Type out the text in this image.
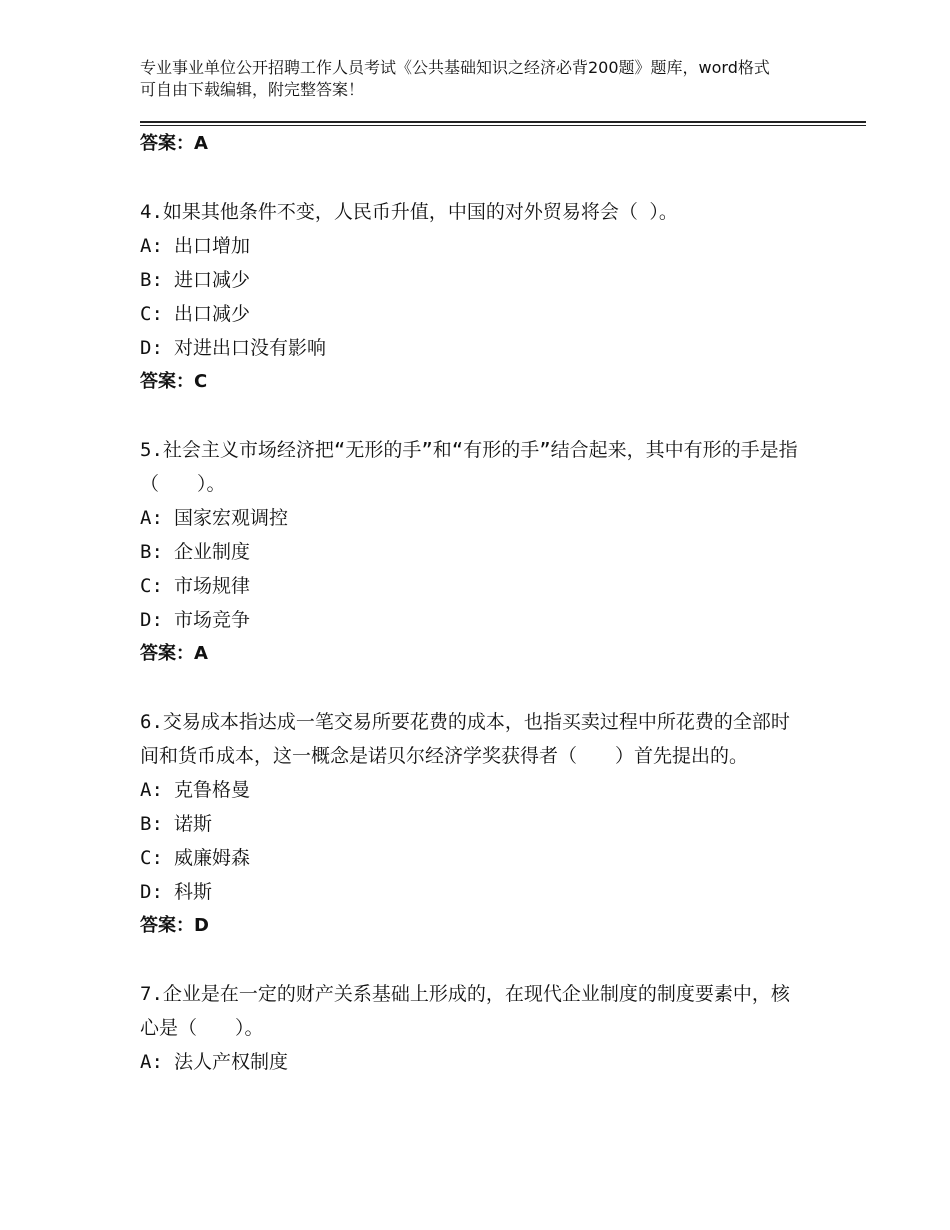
专业事业单位公开招聘工作人员考试《公共基础知识之经济必背200题》题库，word格式可自由下载编辑，附完整答案！
答案：A
4.如果其他条件不变，人民币升值，中国的对外贸易将会（ ）。
A: 出口增加
B: 进口减少
C: 出口减少
D: 对进出口没有影响
答案：C
5.社会主义市场经济把“无形的手”和“有形的手”结合起来，其中有形的手是指（　　）。
A: 国家宏观调控
B: 企业制度
C: 市场规律
D: 市场竞争
答案：A
6.交易成本指达成一笔交易所要花费的成本，也指买卖过程中所花费的全部时间和货币成本，这一概念是诺贝尔经济学奖获得者（　　）首先提出的。
A: 克鲁格曼
B: 诺斯
C: 威廉姆森
D: 科斯
答案：D
7.企业是在一定的财产关系基础上形成的，在现代企业制度的制度要素中，核心是（　　）。
A: 法人产权制度
